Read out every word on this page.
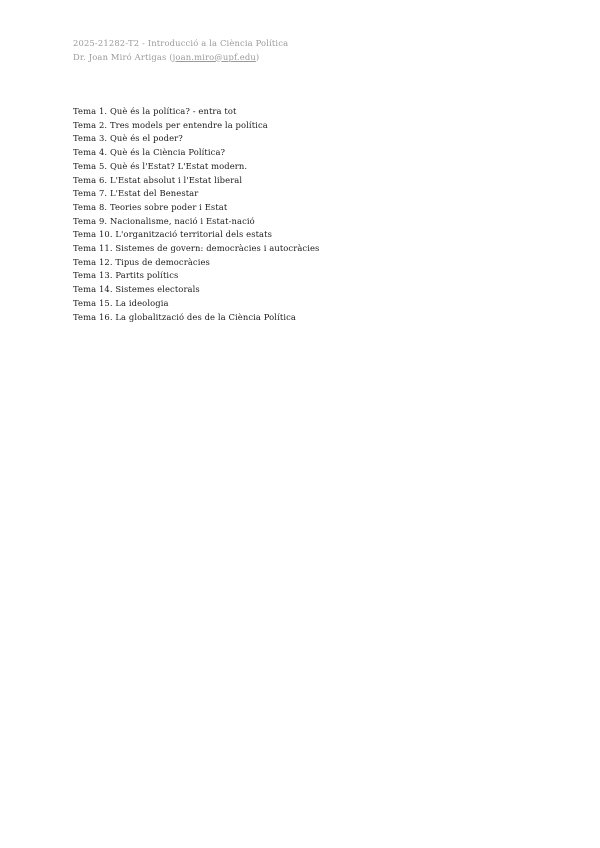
2025-21282-T2 - Introducció a la Ciència Política
Dr. Joan Miró Artigas (joan.miro@upf.edu)
Tema 1. Què és la política? - entra tot
Tema 2. Tres models per entendre la política
Tema 3. Què és el poder?
Tema 4. Què és la Ciència Política?
Tema 5. Què és l'Estat? L'Estat modern.
Tema 6. L'Estat absolut i l'Estat liberal
Tema 7. L'Estat del Benestar
Tema 8. Teories sobre poder i Estat
Tema 9. Nacionalisme, nació i Estat-nació
Tema 10. L'organització territorial dels estats
Tema 11. Sistemes de govern: democràcies i autocràcies
Tema 12. Tipus de democràcies
Tema 13. Partits polítics
Tema 14. Sistemes electorals
Tema 15. La ideologia
Tema 16. La globalització des de la Ciència Política
